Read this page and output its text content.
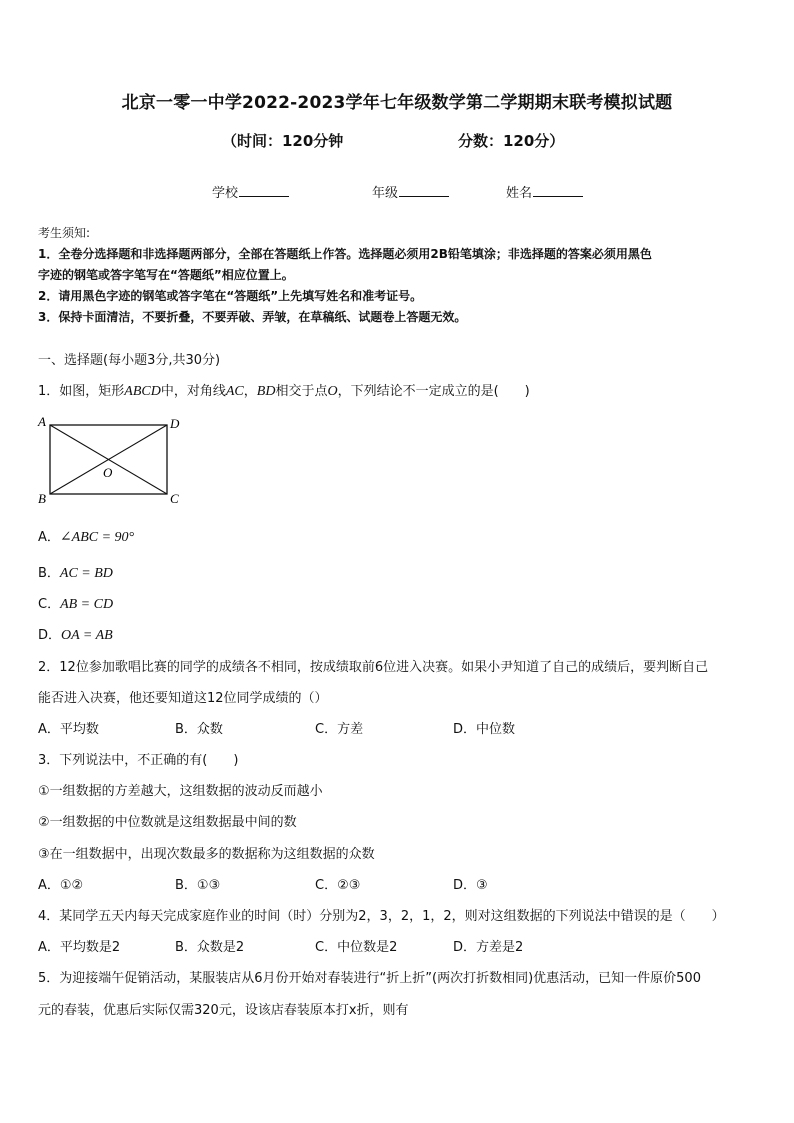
北京一零一中学2022-2023学年七年级数学第二学期期末联考模拟试题
（时间：120分钟	分数：120分）
学校	年级	姓名
考生须知:
1．全卷分选择题和非选择题两部分，全部在答题纸上作答。选择题必须用2B铅笔填涂；非选择题的答案必须用黑色
字迹的钢笔或答字笔写在“答题纸”相应位置上。
2．请用黑色字迹的钢笔或答字笔在“答题纸”上先填写姓名和准考证号。
3．保持卡面清洁，不要折叠，不要弄破、弄皱，在草稿纸、试题卷上答题无效。
一、选择题(每小题3分,共30分)
1．如图，矩形ABCD中，对角线AC，BD相交于点O，下列结论不一定成立的是(　　)
A	D
B	C
O
A．∠ABC = 90°
B．AC = BD
C．AB = CD
D．OA = AB
2．12位参加歌唱比赛的同学的成绩各不相同，按成绩取前6位进入决赛。如果小尹知道了自己的成绩后，要判断自己
能否进入决赛，他还要知道这12位同学成绩的（）
A．平均数	B．众数	C．方差	D．中位数
3．下列说法中，不正确的有(　　)
①一组数据的方差越大，这组数据的波动反而越小
②一组数据的中位数就是这组数据最中间的数
③在一组数据中，出现次数最多的数据称为这组数据的众数
A．①②	B．①③	C．②③	D．③
4．某同学五天内每天完成家庭作业的时间（时）分别为2，3，2，1，2，则对这组数据的下列说法中错误的是（　　）
A．平均数是2	B．众数是2	C．中位数是2	D．方差是2
5．为迎接端午促销活动，某服装店从6月份开始对春装进行“折上折”(两次打折数相同)优惠活动，已知一件原价500
元的春装，优惠后实际仅需320元，设该店春装原本打x折，则有
